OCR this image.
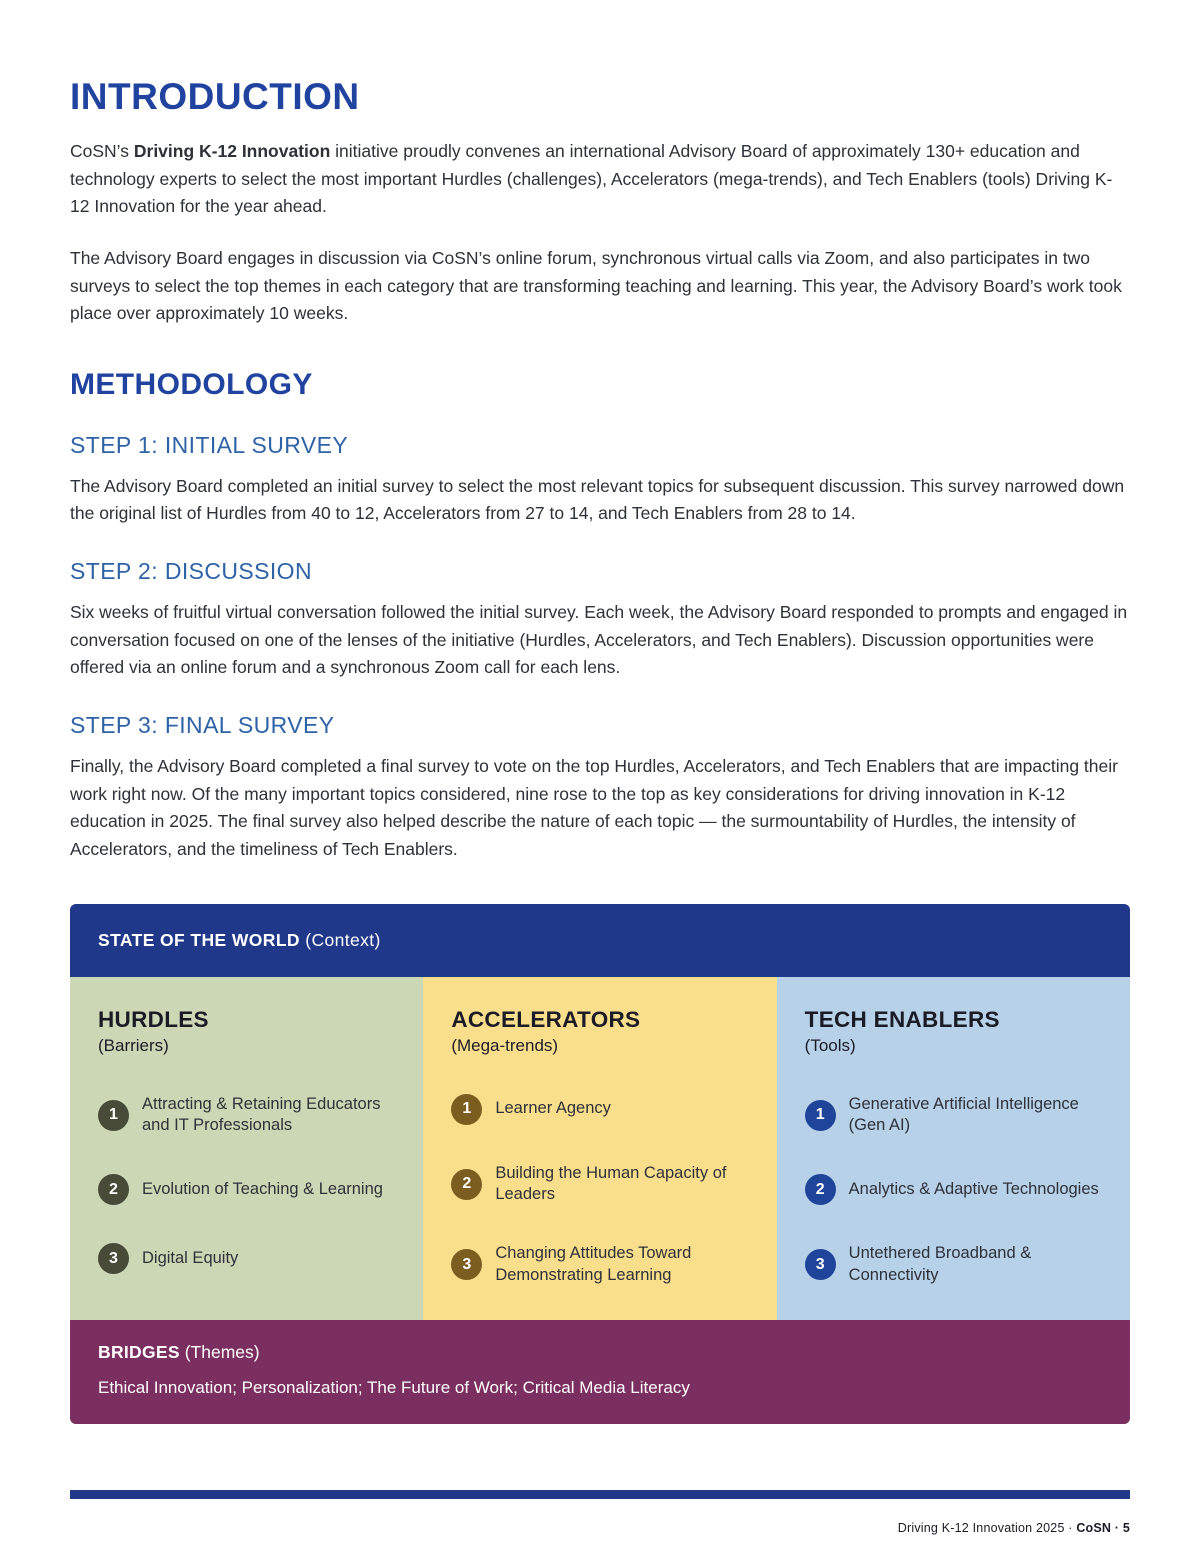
INTRODUCTION

CoSN’s Driving K-12 Innovation initiative proudly convenes an international Advisory Board of approximately 130+ education and technology experts to select the most important Hurdles (challenges), Accelerators (mega-trends), and Tech Enablers (tools) Driving K-12 Innovation for the year ahead.

The Advisory Board engages in discussion via CoSN’s online forum, synchronous virtual calls via Zoom, and also participates in two surveys to select the top themes in each category that are transforming teaching and learning. This year, the Advisory Board’s work took place over approximately 10 weeks.

METHODOLOGY
STEP 1: INITIAL SURVEY

The Advisory Board completed an initial survey to select the most relevant topics for subsequent discussion. This survey narrowed down the original list of Hurdles from 40 to 12, Accelerators from 27 to 14, and Tech Enablers from 28 to 14.

STEP 2: DISCUSSION

Six weeks of fruitful virtual conversation followed the initial survey. Each week, the Advisory Board responded to prompts and engaged in conversation focused on one of the lenses of the initiative (Hurdles, Accelerators, and Tech Enablers). Discussion opportunities were offered via an online forum and a synchronous Zoom call for each lens.

STEP 3: FINAL SURVEY

Finally, the Advisory Board completed a final survey to vote on the top Hurdles, Accelerators, and Tech Enablers that are impacting their work right now. Of the many important topics considered, nine rose to the top as key considerations for driving innovation in K-12 education in 2025. The final survey also helped describe the nature of each topic — the surmountability of Hurdles, the intensity of Accelerators, and the timeliness of Tech Enablers.

STATE OF THE WORLD (Context)

HURDLES

(Barriers)

1
Attracting & Retaining Educators and IT Professionals
2	Evolution of Teaching & Learning
3	Digital Equity

ACCELERATORS

(Mega-trends)

1	Learner Agency
2
Building the Human Capacity of Leaders
3
Changing Attitudes Toward Demonstrating Learning

TECH ENABLERS

(Tools)

1
Generative Artificial Intelligence (Gen AI)
2	Analytics & Adaptive Technologies
3
Untethered Broadband & Connectivity

BRIDGES (Themes)

Ethical Innovation; Personalization; The Future of Work; Critical Media Literacy

Driving K-12 Innovation 2025 · CoSN · 5
